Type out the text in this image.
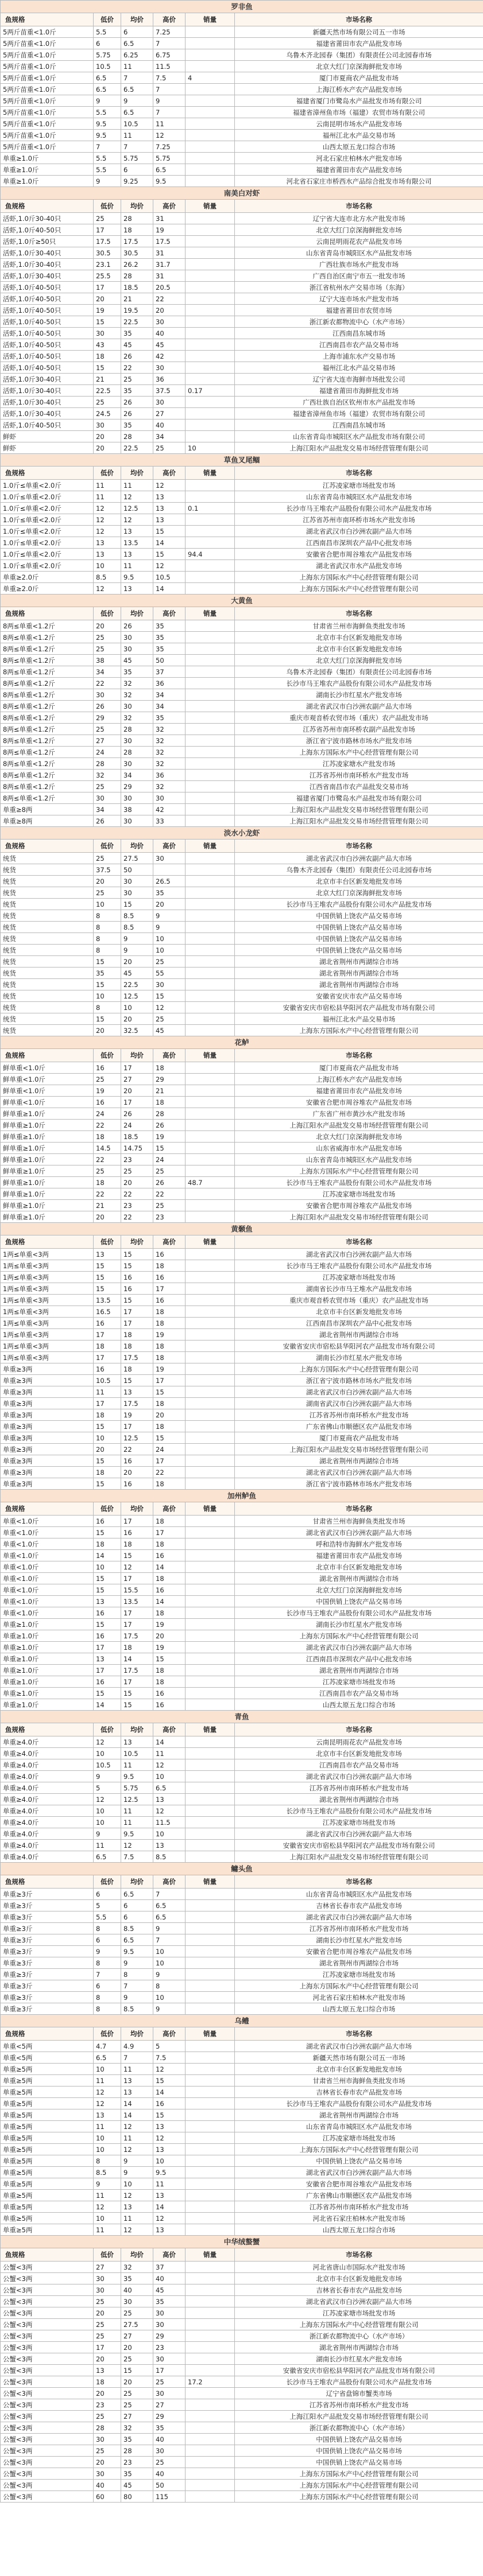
罗非鱼					
鱼规格	低价	均价	高价	销量	市场名称
5两斤苗重<1.0斤	5.5	6	7.25		新疆天然市场有限公司五一市场
5两斤苗重<1.0斤	6	6.5	7		福建省莆田市农产品批发市场
5两斤苗重<1.0斤	5.75	6.25	6.75		乌鲁木齐北园春（集团）有限责任公司北园春市场
5两斤苗重<1.0斤	10.5	11	11.5		北京大红门京深海鲜批发市场
5两斤苗重<1.0斤	6.5	7	7.5	4	厦门市夏商农产品批发市场
5两斤苗重<1.0斤	6.5	6.5	7		上海江桥水产农产品批发市场
5两斤苗重<1.0斤	9	9	9		福建省厦门市鹭岛水产品批发市场有限公司
5两斤苗重<1.0斤	5.5	6.5	7		福建省漳州鱼市场（福建）农贸市场有限公司
5两斤苗重<1.0斤	9.5	10.5	11		云南昆明市场水产品批发市场
5两斤苗重<1.0斤	9.5	11	12		福州江北水产品交易市场
5两斤苗重<1.0斤	7	7	7.25		山西太原五龙口综合市场
单重≥1.0斤	5.5	5.75	5.75		河北石家庄柏林水产批发市场
单重≥1.0斤	5.5	6	6.5		福建省莆田市农产品批发市场
单重≥1.0斤	9	9.25	9.5		河北省石家庄市桥西水产品综合批发市场有限公司
南美白对虾					
鱼规格	低价	均价	高价	销量	市场名称
活虾,1.0斤30-40只	25	28	31		辽宁省大连市北方水产批发市场
活虾,1.0斤40-50只	17	18	19		北京大红门京深海鲜批发市场
活虾,1.0斤≥50只	17.5	17.5	17.5		云南昆明雨花农产品批发市场
活虾,1.0斤30-40只	30.5	30.5	31		山东省青岛市城阳区水产品批发市场
活虾,1.0斤30-40只	23.1	26.2	31.7		广西壮族市场水产批发市场
活虾,1.0斤30-40只	25.5	28	31		广西自治区南宁市五一批发市场
活虾,1.0斤40-50只	17	18.5	20.5		浙江省杭州水产交易市场（东海）
活虾,1.0斤40-50只	20	21	22		辽宁大连市场水产批发市场
活虾,1.0斤40-50只	19	19.5	20		福建省莆田市农贸市场
活虾,1.0斤40-50只	15	22.5	30		浙江新农都物流中心（水产市场）
活虾,1.0斤40-50只	30	35	40		江西南昌东城市场
活虾,1.0斤40-50只	43	45	45		江西南昌市农产品交易市场
活虾,1.0斤40-50只	18	26	42		上海市浦东水产交易市场
活虾,1.0斤40-50只	15	22	30		福州江北水产品交易市场
活虾,1.0斤30-40只	21	25	36		辽宁省大连市海鲜市场批发公司
活虾,1.0斤30-40只	22.5	35	37.5	0.17	福建省莆田市海鲜批发市场
活虾,1.0斤30-40只	25	26	30		广西壮族自治区钦州市水产品批发市场
活虾,1.0斤30-40只	24.5	26	27		福建省漳州鱼市场（福建）农贸市场有限公司
活虾,1.0斤40-50只	30	35	40		江西南昌东城市场
鲜虾	20	28	34		山东省青岛市城阳区水产品批发市场有限公司
鲜虾	20	22.5	25	10	上海江阳水产品批发交易市场经营管理有限公司
草鱼叉尾鲴					
鱼规格	低价	均价	高价	销量	市场名称
1.0斤≤单重<2.0斤	11	11	12		江苏凌家塘市场批发市场
1.0斤≤单重<2.0斤	11	12	13		山东省青岛市城阳区水产品批发市场
1.0斤≤单重<2.0斤	12	12.5	13	0.1	长沙市马王堆农产品股份有限公司水产品批发市场
1.0斤≤单重<2.0斤	12	12	13		江苏省苏州市南环桥市场水产批发市场
1.0斤≤单重<2.0斤	12	13	15		湖北省武汉市白沙洲农副产品大市场
1.0斤≤单重<2.0斤	13	13.5	14		江西南昌市深圳农产品中心批发市场
1.0斤≤单重<2.0斤	13	13	15	94.4	安徽省合肥市周谷堆农产品批发市场
1.0斤≤单重<2.0斤	10	11	12		湖北省武汉市水产品批发市场
单重≥2.0斤	8.5	9.5	10.5		上海东方国际水产中心经营管理有限公司
单重≥2.0斤	12	13	14		上海东方国际水产中心经营管理有限公司
大黄鱼					
鱼规格	低价	均价	高价	销量	市场名称
8两≤单重<1.2斤	20	26	35		甘肃省兰州市海鲜鱼类批发市场
8两≤单重<1.2斤	25	30	35		北京市丰台区新发地批发市场
8两≤单重<1.2斤	25	30	35		北京市丰台区新发地批发市场
8两≤单重<1.2斤	38	45	50		北京大红门京深海鲜批发市场
8两≤单重<1.2斤	34	35	37		乌鲁木齐北园春（集团）有限责任公司北园春市场
8两≤单重<1.2斤	22	32	36		长沙市马王堆农产品股份有限公司水产品批发市场
8两≤单重<1.2斤	30	32	34		湖南长沙市红星水产批发市场
8两≤单重<1.2斤	26	30	34		湖北省武汉市白沙洲农副产品大市场
8两≤单重<1.2斤	29	32	35		重庆市观音桥农贸市场（重庆）农产品批发市场
8两≤单重<1.2斤	25	28	32		江苏省苏州市南环桥农副产品批发市场
8两≤单重<1.2斤	27	30	32		浙江省宁波市路林市场水产批发市场
8两≤单重<1.2斤	24	28	32		上海东方国际水产中心经营管理有限公司
8两≤单重<1.2斤	28	30	32		江苏凌家塘水产批发市场
8两≤单重<1.2斤	32	34	36		江苏省苏州市南环桥水产批发市场
8两≤单重<1.2斤	25	29	32		江西省南昌市农产品批发交易市场
8两≤单重<1.2斤	30	30	30		福建省厦门市鹭岛水产品批发市场有限公司
单重≥8两	34	38	42		上海江阳水产品批发交易市场经营管理有限公司
单重≥8两	26	30	33		上海江阳水产品批发交易市场经营管理有限公司
淡水小龙虾					
鱼规格	低价	均价	高价	销量	市场名称
统货	25	27.5	30		湖北省武汉市白沙洲农副产品大市场
统货	37.5	50			乌鲁木齐北园春（集团）有限责任公司北园春市场
统货	20	30	26.5		北京市丰台区新发地批发市场
统货	25	30	35		北京大红门京深海鲜批发市场
统货	10	15	20		长沙市马王堆农产品股份有限公司水产品批发市场
统货	8	8.5	9		中国供销上饶农产品交易市场
统货	8	8.5	9		中国供销上饶农产品交易市场
统货	8	9	10		中国供销上饶农产品交易市场
统货	8	9	10		中国供销上饶农产品交易市场
统货	15	20	25		湖北省荆州市两湖综合市场
统货	35	45	55		湖北省荆州市两湖综合市场
统货	15	22.5	30		湖北省荆州市两湖综合市场
统货	10	12.5	15		安徽省安庆市农产品交易市场
统货	8	10	12		安徽省安庆市宿松县华阳河农产品批发市场有限公司
统货	15	20	25		福州江北水产品交易市场
统货	20	32.5	45		上海东方国际水产中心经营管理有限公司
花鲈					
鱼规格	低价	均价	高价	销量	市场名称
鲜单重<1.0斤	16	17	18		厦门市夏商农产品批发市场
鲜单重<1.0斤	25	27	29		上海江桥水产农产品批发市场
鲜单重<1.0斤	19	20	21		福建省莆田市农产品批发市场
鲜单重<1.0斤	16	17	18		安徽省合肥市周谷堆农产品批发市场
鲜单重≥1.0斤	24	26	28		广东省广州市黄沙水产批发市场
鲜单重≥1.0斤	22	24	26		上海江阳水产品批发交易市场经营管理有限公司
鲜单重≥1.0斤	18	18.5	19		北京大红门京深海鲜批发市场
鲜单重≥1.0斤	14.5	14.75	15		山东省威海市水产品批发市场
鲜单重≥1.0斤	22	23	24		山东省青岛市城阳区水产品批发市场
鲜单重≥1.0斤	25	25	25		上海东方国际水产中心经营管理有限公司
鲜单重≥1.0斤	18	20	26	48.7	长沙市马王堆农产品股份有限公司水产品批发市场
鲜单重≥1.0斤	22	22	22		江苏凌家塘市场批发市场
鲜单重≥1.0斤	21	23	25		安徽省合肥市周谷堆农产品批发市场
鲜单重≥1.0斤	20	22	23		上海江阳水产品批发交易市场经营管理有限公司
黄颡鱼					
鱼规格	低价	均价	高价	销量	市场名称
1两≤单重<3两	13	15	16		湖北省武汉市白沙洲农副产品大市场
1两≤单重<3两	15	15	18		长沙市马王堆农产品股份有限公司水产品批发市场
1两≤单重<3两	15	16	16		江苏凌家塘市场批发市场
1两≤单重<3两	15	16	17		湖南省长沙市马王堆水产品批发市场
1两≤单重<3两	13.5	15	16		重庆市观音桥农贸市场（重庆）农产品批发市场
1两≤单重<3两	16.5	17	18		北京市丰台区新发地批发市场
1两≤单重<3两	16	17	18		江西南昌市深圳农产品中心批发市场
1两≤单重<3两	17	18	19		湖北省荆州市两湖综合市场
1两≤单重<3两	18	18	18		安徽省安庆市宿松县华阳河农产品批发市场有限公司
1两≤单重<3两	17	17.5	18		湖南长沙市红星水产批发市场
单重≥3两	16	18	19		上海东方国际水产中心经营管理有限公司
单重≥3两	10.5	15	17		浙江省宁波市路林市场水产批发市场
单重≥3两	11	13	15		湖北省武汉市白沙洲农副产品大市场
单重≥3两	17	17.5	18		湖南省武汉市白沙洲农副产品大市场
单重≥3两	18	19	20		江苏省苏州市南环桥水产批发市场
单重≥3两	15	17	18		广东省佛山市顺德区农产品批发市场
单重≥3两	10	12.5	15		厦门市夏商农产品批发市场
单重≥3两	20	22	24		上海江阳水产品批发交易市场经营管理有限公司
单重≥3两	15	16	17		湖北省荆州市两湖综合市场
单重≥3两	18	20	22		湖北省武汉市白沙洲农副产品大市场
单重≥3两	15	16	18		浙江省宁波市路林市场水产批发市场
加州鲈鱼					
鱼规格	低价	均价	高价	销量	市场名称
单重<1.0斤	16	17	18		甘肃省兰州市海鲜鱼类批发市场
单重<1.0斤	15	16	17		湖北省武汉市白沙洲农副产品大市场
单重<1.0斤	18	18	18		呼和浩特市海鲜水产批发市场
单重<1.0斤	14	15	16		福建省莆田市农产品批发市场
单重<1.0斤	10	12	14		北京市丰台区新发地批发市场
单重<1.0斤	15	17	18		湖北省荆州市两湖综合市场
单重<1.0斤	15	15.5	16		北京大红门京深海鲜批发市场
单重<1.0斤	13	13.5	14		中国供销上饶农产品交易市场
单重<1.0斤	16	17	18		长沙市马王堆农产品股份有限公司水产品批发市场
单重≥1.0斤	15	17	19		湖南长沙市红星水产批发市场
单重≥1.0斤	16	17.5	20		上海东方国际水产中心经营管理有限公司
单重≥1.0斤	17	18	19		湖北省武汉市白沙洲农副产品大市场
单重≥1.0斤	13	14	15		江西南昌市深圳农产品中心批发市场
单重≥1.0斤	17	17.5	18		湖北省荆州市两湖综合市场
单重≥1.0斤	16	17	18		江苏凌家塘市场批发市场
单重≥1.0斤	15	15	16		江西南昌市农产品交易市场
单重≥1.0斤	14	15	16		山西太原五龙口综合市场
青鱼					
鱼规格	低价	均价	高价	销量	市场名称
单重≥4.0斤	12	13	14		云南昆明雨花农产品批发市场
单重≥4.0斤	10	10.5	11		北京市丰台区新发地批发市场
单重≥4.0斤	10.5	11	12		江西南昌市农产品交易市场
单重≥4.0斤	9	9.5	10		湖北省武汉市白沙洲农副产品大市场
单重≥4.0斤	5	5.75	6.5		江苏省苏州市南环桥水产批发市场
单重≥4.0斤	12	12.5	13		湖北省荆州市两湖综合市场
单重≥4.0斤	10	11	12		长沙市马王堆农产品股份有限公司水产品批发市场
单重≥4.0斤	10	11	11.5		江苏凌家塘市场批发市场
单重≥4.0斤	9	9.5	10		湖北省武汉市白沙洲农副产品大市场
单重≥4.0斤	11	12	13		安徽省安庆市宿松县华阳河农产品批发市场有限公司
单重≥4.0斤	6.5	7.5	8.5		上海江阳水产品批发交易市场经营管理有限公司
鳙头鱼					
鱼规格	低价	均价	高价	销量	市场名称
单重≥3斤	6	6.5	7		山东省青岛市城阳区水产品批发市场
单重≥3斤	5	6	6.5		吉林省长春市农产品批发市场
单重≥3斤	5.5	6	6.5		湖北省武汉市白沙洲农副产品大市场
单重≥3斤	8	8.5	9		江苏省苏州市南环桥水产批发市场
单重≥3斤	6	6.5	7		湖南长沙市红星水产批发市场
单重≥3斤	9	9.5	10		安徽省合肥市周谷堆农产品批发市场
单重≥3斤	8	9	10		湖北省荆州市两湖综合市场
单重≥3斤	7	8	9		江苏凌家塘市场批发市场
单重≥3斤	6	7	8		上海东方国际水产中心经营管理有限公司
单重≥3斤	8	9	10		河北省石家庄柏林水产批发市场
单重≥3斤	8	8.5	9		山西太原五龙口综合市场
乌鳢					
鱼规格	低价	均价	高价	销量	市场名称
单重<5两	4.7	4.9	5		湖北省武汉市白沙洲农副产品大市场
单重<5两	6.5	7	7.5		新疆天然市场有限公司五一市场
单重≥5两	10	11	12		北京市丰台区新发地批发市场
单重≥5两	11	13	15		甘肃省兰州市海鲜鱼类批发市场
单重≥5两	12	13	14		吉林省长春市农产品批发市场
单重≥5两	12	14	16		长沙市马王堆农产品股份有限公司水产品批发市场
单重≥5两	13	14	15		湖北省荆州市两湖综合市场
单重≥5两	11	12	13		山东省青岛市城阳区水产品批发市场
单重≥5两	10	11	12		江苏凌家塘市场批发市场
单重≥5两	10	12	13		上海东方国际水产中心经营管理有限公司
单重≥5两	8	9	10		中国供销上饶农产品交易市场
单重≥5两	8.5	9	9.5		湖北省武汉市白沙洲农副产品大市场
单重≥5两	9	10	11		安徽省合肥市周谷堆农产品批发市场
单重≥5两	11	12	13		广东省佛山市顺德区农产品批发市场
单重≥5两	12	13	14		江苏省苏州市南环桥水产批发市场
单重≥5两	10	11	12		河北省石家庄柏林水产批发市场
单重≥5两	11	12	13		山西太原五龙口综合市场
中华绒螯蟹					
鱼规格	低价	均价	高价	销量	市场名称
公蟹<3两	27	32	37		河北省唐山市国际水产批发市场
公蟹<3两	30	35	40		北京市丰台区新发地批发市场
公蟹<3两	30	40	45		吉林省长春市农产品批发市场
公蟹<3两	25	30	35		湖北省武汉市白沙洲农副产品大市场
公蟹<3两	20	25	30		江苏凌家塘市场批发市场
公蟹<3两	25	27.5	30		上海东方国际水产中心经营管理有限公司
公蟹<3两	25	27	29		浙江新农都物流中心（水产市场）
公蟹<3两	17	20	23		湖北省荆州市两湖综合市场
公蟹<3两	20	25	30		湖南长沙市红星水产批发市场
公蟹<3两	13	15	17		安徽省安庆市宿松县华阳河农产品批发市场有限公司
公蟹<3两	18	20	25	17.2	长沙市马王堆农产品股份有限公司水产品批发市场
公蟹<3两	20	25	30		辽宁省盘锦市蟹类市场
公蟹<3两	23	25	27		江苏省苏州市南环桥水产批发市场
公蟹<3两	25	27	29		上海江阳水产品批发交易市场经营管理有限公司
公蟹<3两	28	32	35		浙江新农都物流中心（水产市场）
公蟹<3两	30	35	40		中国供销上饶农产品交易市场
公蟹<3两	25	28	30		中国供销上饶农产品交易市场
公蟹<3两	20	23	25		中国供销上饶农产品交易市场
公蟹<3两	30	35	40		上海东方国际水产中心经营管理有限公司
公蟹<3两	40	45	50		上海东方国际水产中心经营管理有限公司
公蟹<3两	60	80	115		上海东方国际水产中心经营管理有限公司
